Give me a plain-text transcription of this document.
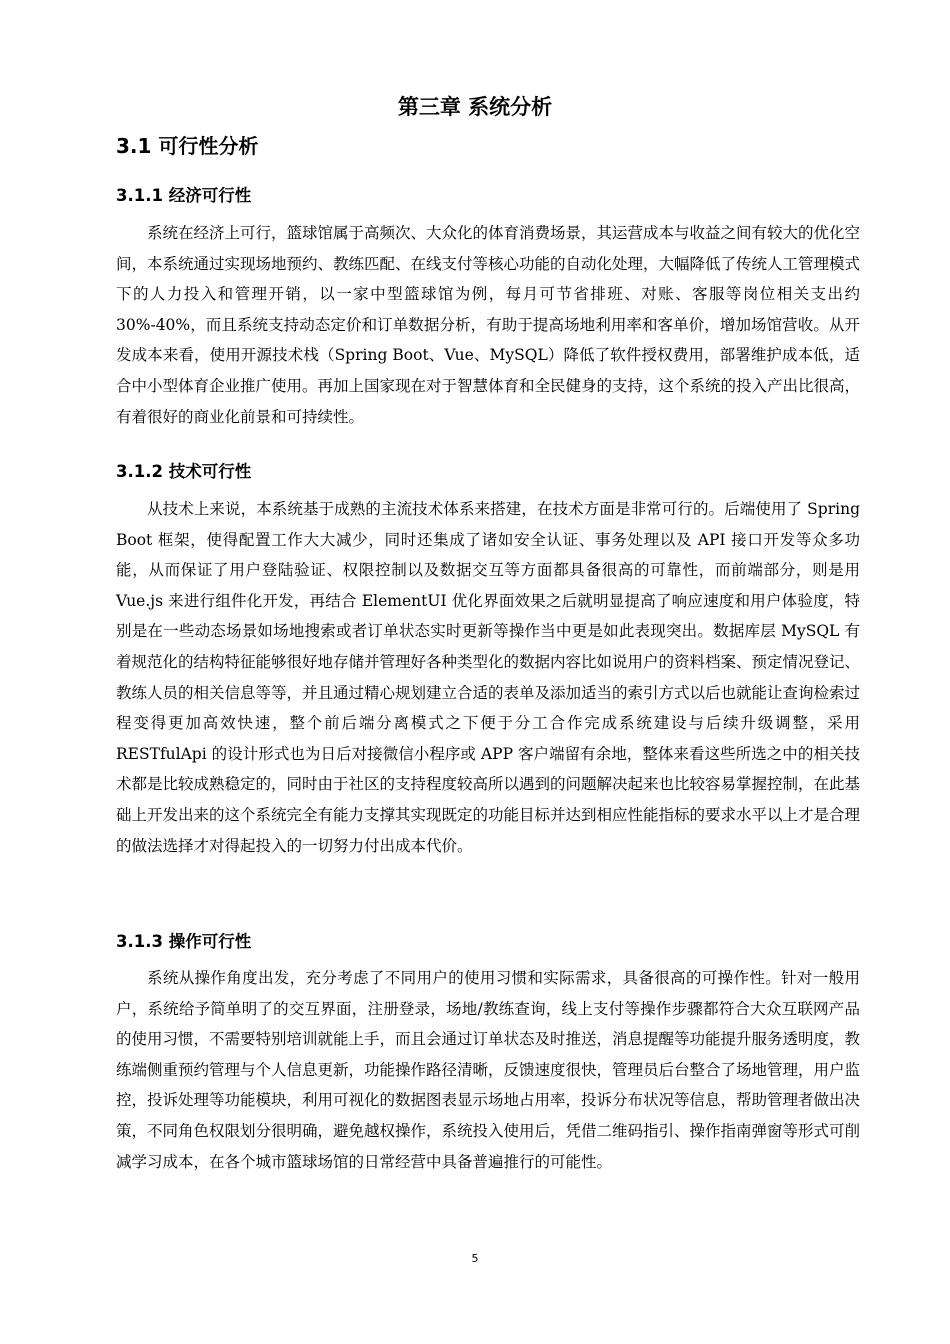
第三章 系统分析
3.1 可行性分析
3.1.1 经济可行性

系统在经济上可行，篮球馆属于高频次、大众化的体育消费场景，其运营成本与收益之间有较大的优化空间，本系统通过实现场地预约、教练匹配、在线支付等核心功能的自动化处理，大幅降低了传统人工管理模式下的人力投入和管理开销，以一家中型篮球馆为例，每月可节省排班、对账、客服等岗位相关支出约 30%-40%，而且系统支持动态定价和订单数据分析，有助于提高场地利用率和客单价，增加场馆营收。从开发成本来看，使用开源技术栈（Spring Boot、Vue、MySQL）降低了软件授权费用，部署维护成本低，适合中小型体育企业推广使用。再加上国家现在对于智慧体育和全民健身的支持，这个系统的投入产出比很高，有着很好的商业化前景和可持续性。

3.1.2 技术可行性

从技术上来说，本系统基于成熟的主流技术体系来搭建，在技术方面是非常可行的。后端使用了 Spring Boot 框架，使得配置工作大大减少，同时还集成了诸如安全认证、事务处理以及 API 接口开发等众多功能，从而保证了用户登陆验证、权限控制以及数据交互等方面都具备很高的可靠性，而前端部分，则是用 Vue.js 来进行组件化开发，再结合 ElementUI 优化界面效果之后就明显提高了响应速度和用户体验度，特别是在一些动态场景如场地搜索或者订单状态实时更新等操作当中更是如此表现突出。数据库层 MySQL 有着规范化的结构特征能够很好地存储并管理好各种类型化的数据内容比如说用户的资料档案、预定情况登记、教练人员的相关信息等等，并且通过精心规划建立合适的表单及添加适当的索引方式以后也就能让查询检索过程变得更加高效快速，整个前后端分离模式之下便于分工合作完成系统建设与后续升级调整，采用 RESTfulApi 的设计形式也为日后对接微信小程序或 APP 客户端留有余地，整体来看这些所选之中的相关技术都是比较成熟稳定的，同时由于社区的支持程度较高所以遇到的问题解决起来也比较容易掌握控制，在此基础上开发出来的这个系统完全有能力支撑其实现既定的功能目标并达到相应性能指标的要求水平以上才是合理的做法选择才对得起投入的一切努力付出成本代价。

3.1.3 操作可行性

系统从操作角度出发，充分考虑了不同用户的使用习惯和实际需求，具备很高的可操作性。针对一般用户，系统给予简单明了的交互界面，注册登录，场地/教练查询，线上支付等操作步骤都符合大众互联网产品的使用习惯，不需要特别培训就能上手，而且会通过订单状态及时推送，消息提醒等功能提升服务透明度，教练端侧重预约管理与个人信息更新，功能操作路径清晰，反馈速度很快，管理员后台整合了场地管理，用户监控，投诉处理等功能模块，利用可视化的数据图表显示场地占用率，投诉分布状况等信息，帮助管理者做出决策，不同角色权限划分很明确，避免越权操作，系统投入使用后，凭借二维码指引、操作指南弹窗等形式可削减学习成本，在各个城市篮球场馆的日常经营中具备普遍推行的可能性。

5
